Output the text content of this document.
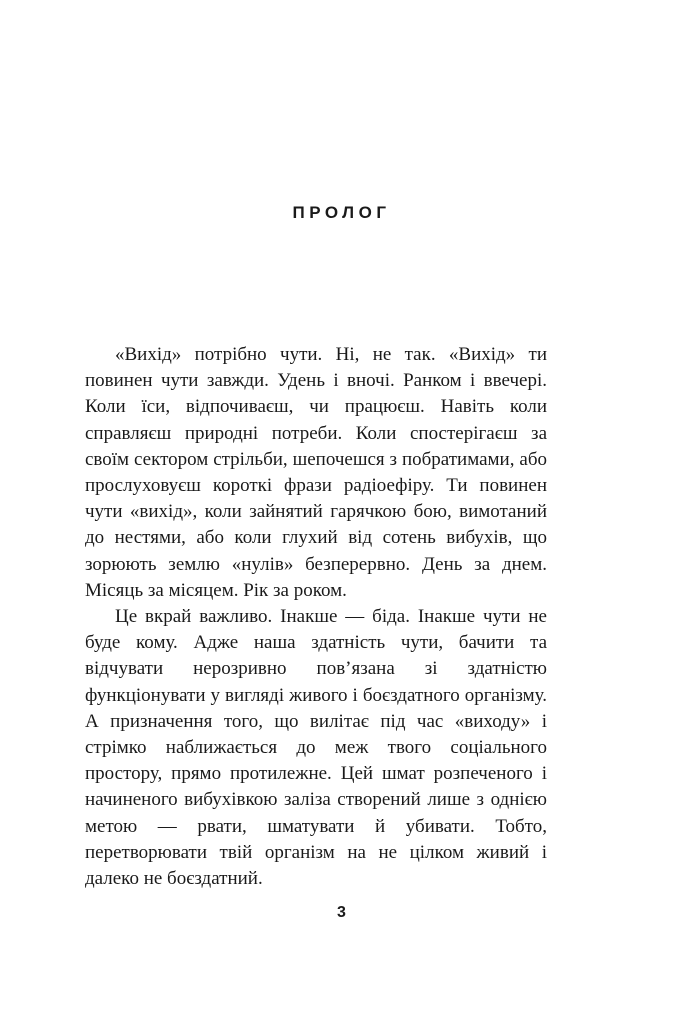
ПРОЛОГ

«Вихід» потрібно чути. Ні, не так. «Вихід» ти повинен чути завжди. Удень і вночі. Ранком і ввечері. Коли їси, відпочиваєш, чи працюєш. Навіть коли справляєш природні потреби. Коли спостерігаєш за своїм сектором стрільби, шепочешся з побратимами, або прослуховуєш короткі фрази радіоефіру. Ти повинен чути «вихід», коли зайнятий гарячкою бою, вимотаний до нестями, або коли глухий від сотень вибухів, що зорюють землю «нулів» безперервно. День за днем. Місяць за місяцем. Рік за роком.

Це вкрай важливо. Інакше — біда. Інакше чути не буде кому. Адже наша здатність чути, бачити та відчувати нерозривно пов’язана зі здатністю функціонувати у вигляді живого і боєздатного організму. А призначення того, що вилітає під час «виходу» і стрімко наближається до меж твого соціального простору, прямо протилежне. Цей шмат розпеченого і начиненого вибухівкою заліза створений лише з однією метою — рвати, шматувати й убивати. Тобто, перетворювати твій організм на не цілком живий і далеко не боєздатний.

3
